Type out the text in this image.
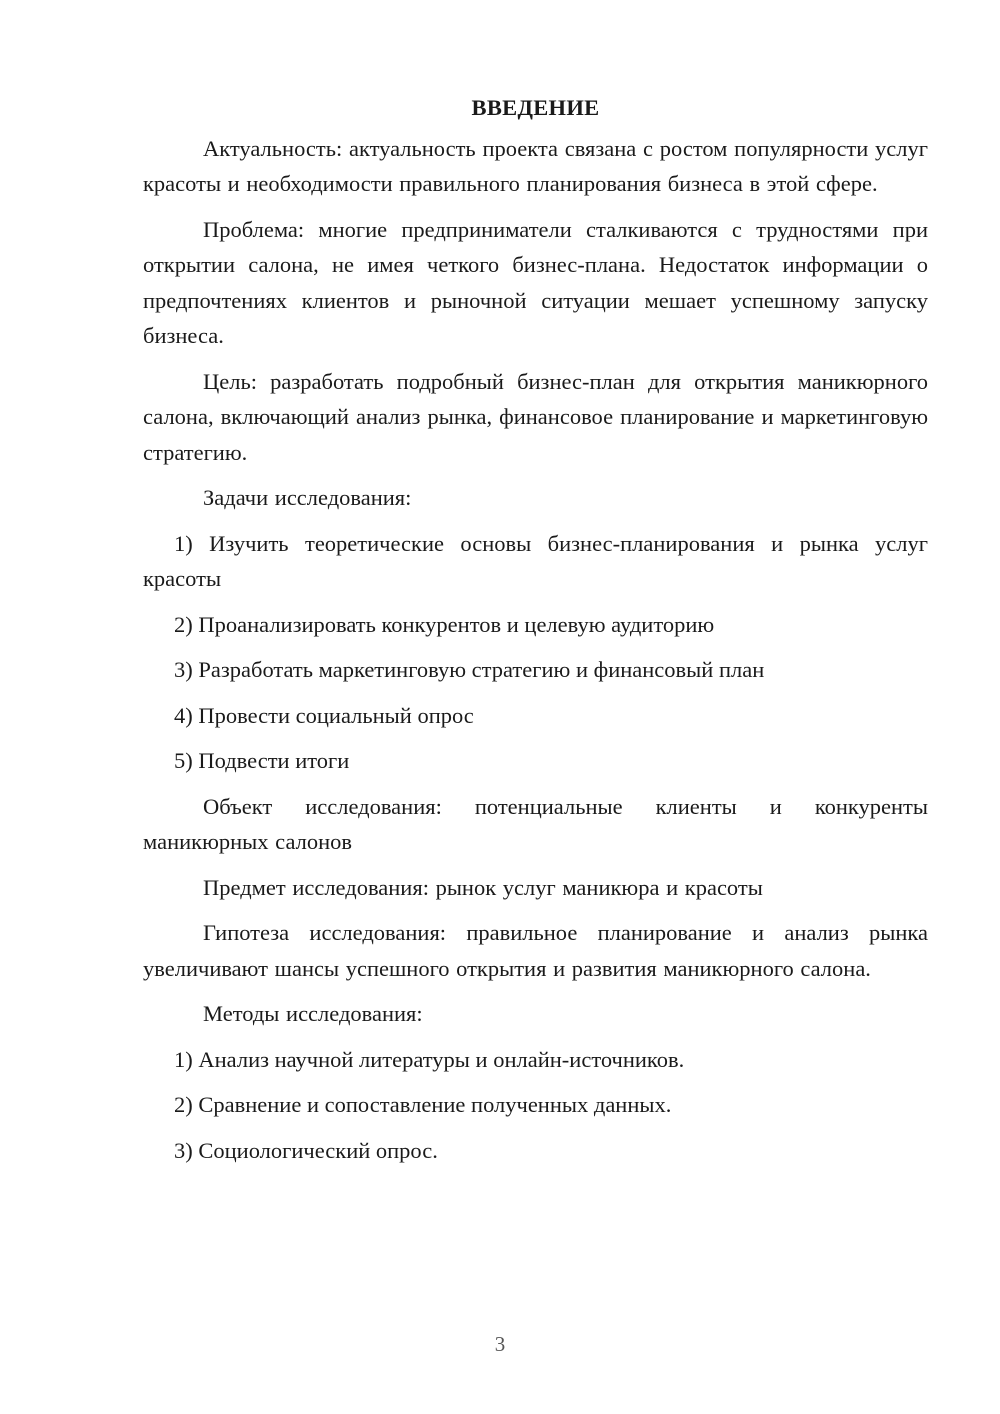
ВВЕДЕНИЕ

Актуальность: актуальность проекта связана с ростом популярности услуг красоты и необходимости правильного планирования бизнеса в этой сфере.

Проблема: многие предприниматели сталкиваются с трудностями при открытии салона, не имея четкого бизнес-плана. Недостаток информации о предпочтениях клиентов и рыночной ситуации мешает успешному запуску бизнеса.

Цель: разработать подробный бизнес-план для открытия маникюрного салона, включающий анализ рынка, финансовое планирование и маркетинговую стратегию.

Задачи исследования:

1) Изучить теоретические основы бизнес-планирования и рынка услуг красоты

2) Проанализировать конкурентов и целевую аудиторию

3) Разработать маркетинговую стратегию и финансовый план

4) Провести социальный опрос

5) Подвести итоги

Объект исследования: потенциальные клиенты и конкуренты маникюрных салонов

Предмет исследования: рынок услуг маникюра и красоты

Гипотеза исследования: правильное планирование и анализ рынка увеличивают шансы успешного открытия и развития маникюрного салона.

Методы исследования:

1) Анализ научной литературы и онлайн-источников.

2) Сравнение и сопоставление полученных данных.

3) Социологический опрос.

3
